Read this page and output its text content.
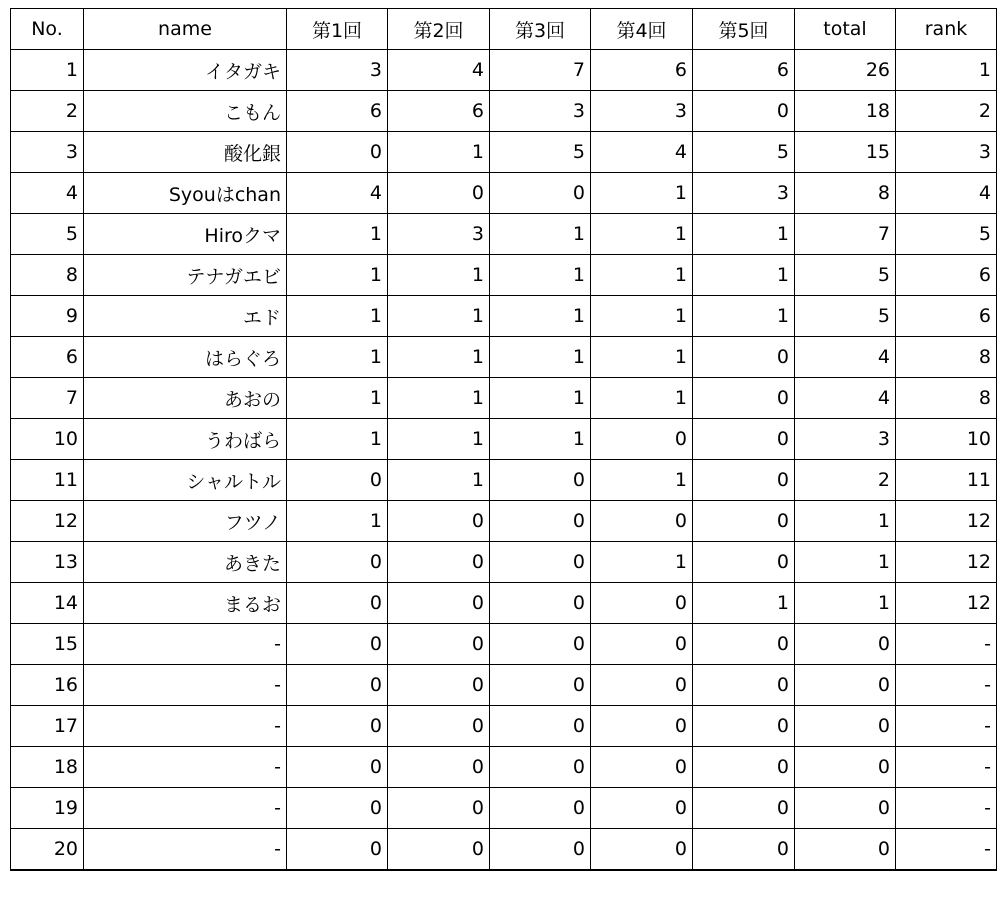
No.	name	第1回	第2回	第3回	第4回	第5回	total	rank
1	イタガキ	3	4	7	6	6	26	1
2	こもん	6	6	3	3	0	18	2
3	酸化銀	0	1	5	4	5	15	3
4	Syouはchan	4	0	0	1	3	8	4
5	Hiroクマ	1	3	1	1	1	7	5
8	テナガエビ	1	1	1	1	1	5	6
9	エド	1	1	1	1	1	5	6
6	はらぐろ	1	1	1	1	0	4	8
7	あおの	1	1	1	1	0	4	8
10	うわばら	1	1	1	0	0	3	10
11	シャルトル	0	1	0	1	0	2	11
12	フツノ	1	0	0	0	0	1	12
13	あきた	0	0	0	1	0	1	12
14	まるお	0	0	0	0	1	1	12
15	-	0	0	0	0	0	0	-
16	-	0	0	0	0	0	0	-
17	-	0	0	0	0	0	0	-
18	-	0	0	0	0	0	0	-
19	-	0	0	0	0	0	0	-
20	-	0	0	0	0	0	0	-
